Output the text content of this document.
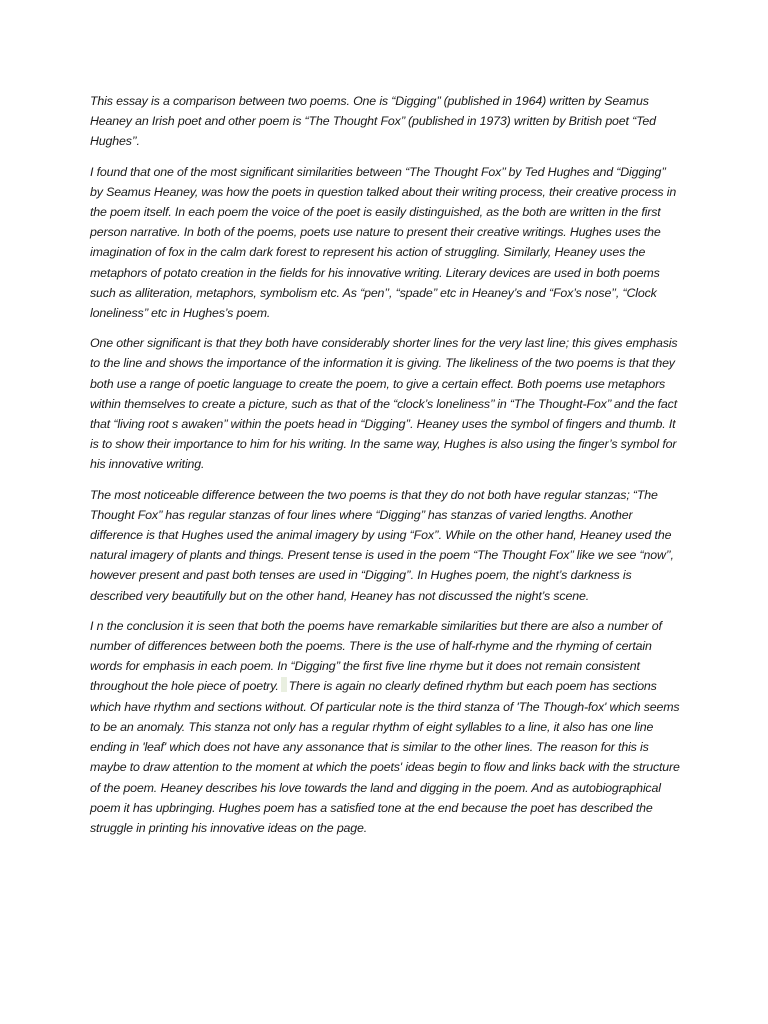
This essay is a comparison between two poems. One is “Digging’’ (published in 1964) written by Seamus Heaney an Irish poet and other poem is “The Thought Fox’’ (published in 1973) written by British poet “Ted Hughes’’.

I found that one of the most significant similarities between “The Thought Fox’’ by Ted Hughes and “Digging’’ by Seamus Heaney, was how the poets in question talked about their writing process, their creative process in the poem itself. In each poem the voice of the poet is easily distinguished, as the both are written in the first person narrative. In both of the poems, poets use nature to present their creative writings. Hughes uses the imagination of fox in the calm dark forest to represent his action of struggling. Similarly, Heaney uses the metaphors of potato creation in the fields for his innovative writing. Literary devices are used in both poems such as alliteration, metaphors, symbolism etc. As “pen’’, “spade’’ etc in Heaney’s and “Fox’s nose’’, “Clock loneliness’’ etc in Hughes’s poem.

One other significant is that they both have considerably shorter lines for the very last line; this gives emphasis to the line and shows the importance of the information it is giving. The likeliness of the two poems is that they both use a range of poetic language to create the poem, to give a certain effect. Both poems use metaphors within themselves to create a picture, such as that of the “clock’s loneliness’’ in “The Thought-Fox’’ and the fact that “living root s awaken’’ within the poets head in “Digging’’. Heaney uses the symbol of fingers and thumb. It is to show their importance to him for his writing. In the same way, Hughes is also using the finger’s symbol for his innovative writing.

The most noticeable difference between the two poems is that they do not both have regular stanzas; “The Thought Fox’’ has regular stanzas of four lines where “Digging’’ has stanzas of varied lengths. Another difference is that Hughes used the animal imagery by using “Fox’’. While on the other hand, Heaney used the natural imagery of plants and things. Present tense is used in the poem “The Thought Fox’’ like we see “now’’, however present and past both tenses are used in “Digging’’. In Hughes poem, the night’s darkness is described very beautifully but on the other hand, Heaney has not discussed the night’s scene.

I n the conclusion it is seen that both the poems have remarkable similarities but there are also a number of number of differences between both the poems. There is the use of half-rhyme and the rhyming of certain words for emphasis in each poem. In “Digging’’ the first five line rhyme but it does not remain consistent throughout the hole piece of poetry. There is again no clearly defined rhythm but each poem has sections which have rhythm and sections without. Of particular note is the third stanza of 'The Though-fox' which seems to be an anomaly. This stanza not only has a regular rhythm of eight syllables to a line, it also has one line ending in 'leaf' which does not have any assonance that is similar to the other lines. The reason for this is maybe to draw attention to the moment at which the poets' ideas begin to flow and links back with the structure of the poem. Heaney describes his love towards the land and digging in the poem. And as autobiographical poem it has upbringing. Hughes poem has a satisfied tone at the end because the poet has described the struggle in printing his innovative ideas on the page.
